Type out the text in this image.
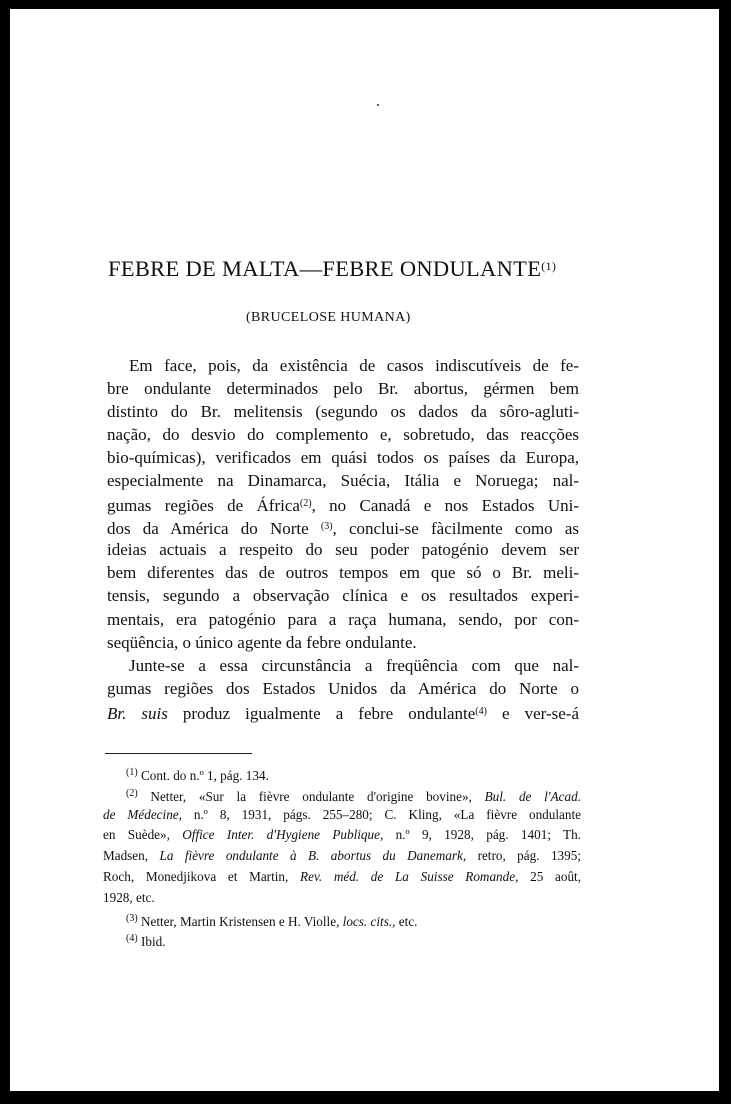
FEBRE DE MALTA—FEBRE ONDULANTE$^{(1)}$
(BRUCELOSE HUMANA)
Em face, pois, da existência de casos indiscutíveis de fe-
bre ondulante determinados pelo Br. abortus, gérmen bem
distinto do Br. melitensis (segundo os dados da sôro-agluti-
nação, do desvio do complemento e, sobretudo, das reacções
bio-químicas), verificados em quási todos os países da Europa,
especialmente na Dinamarca, Suécia, Itália e Noruega; nal-
gumas regiões de África$^{(2)}$, no Canadá e nos Estados Uni-
dos da América do Norte $^{(3)}$, conclui-se fàcilmente como as
ideias actuais a respeito do seu poder patogénio devem ser
bem diferentes das de outros tempos em que só o Br. meli-
tensis, segundo a observação clínica e os resultados experi-
mentais, era patogénio para a raça humana, sendo, por con-
seqüência, o único agente da febre ondulante.
Junte-se a essa circunstância a freqüência com que nal-
gumas regiões dos Estados Unidos da América do Norte o
Br. suis produz igualmente a febre ondulante$^{(4)}$ e ver-se-á
$^{(1)}$ Cont. do n.º 1, pág. 134.
$^{(2)}$ Netter, «Sur la fièvre ondulante d'origine bovine», Bul. de l'Acad.
de Médecine, n.º 8, 1931, págs. 255–280; C. Kling, «La fièvre ondulante
en Suède», Office Inter. d'Hygiene Publique, n.º 9, 1928, pág. 1401; Th.
Madsen, La fièvre ondulante à B. abortus du Danemark, retro, pág. 1395;
Roch, Monedjikova et Martin, Rev. méd. de La Suisse Romande, 25 août,
1928, etc.
$^{(3)}$ Netter, Martin Kristensen e H. Violle, locs. cits., etc.
$^{(4)}$ Ibid.
